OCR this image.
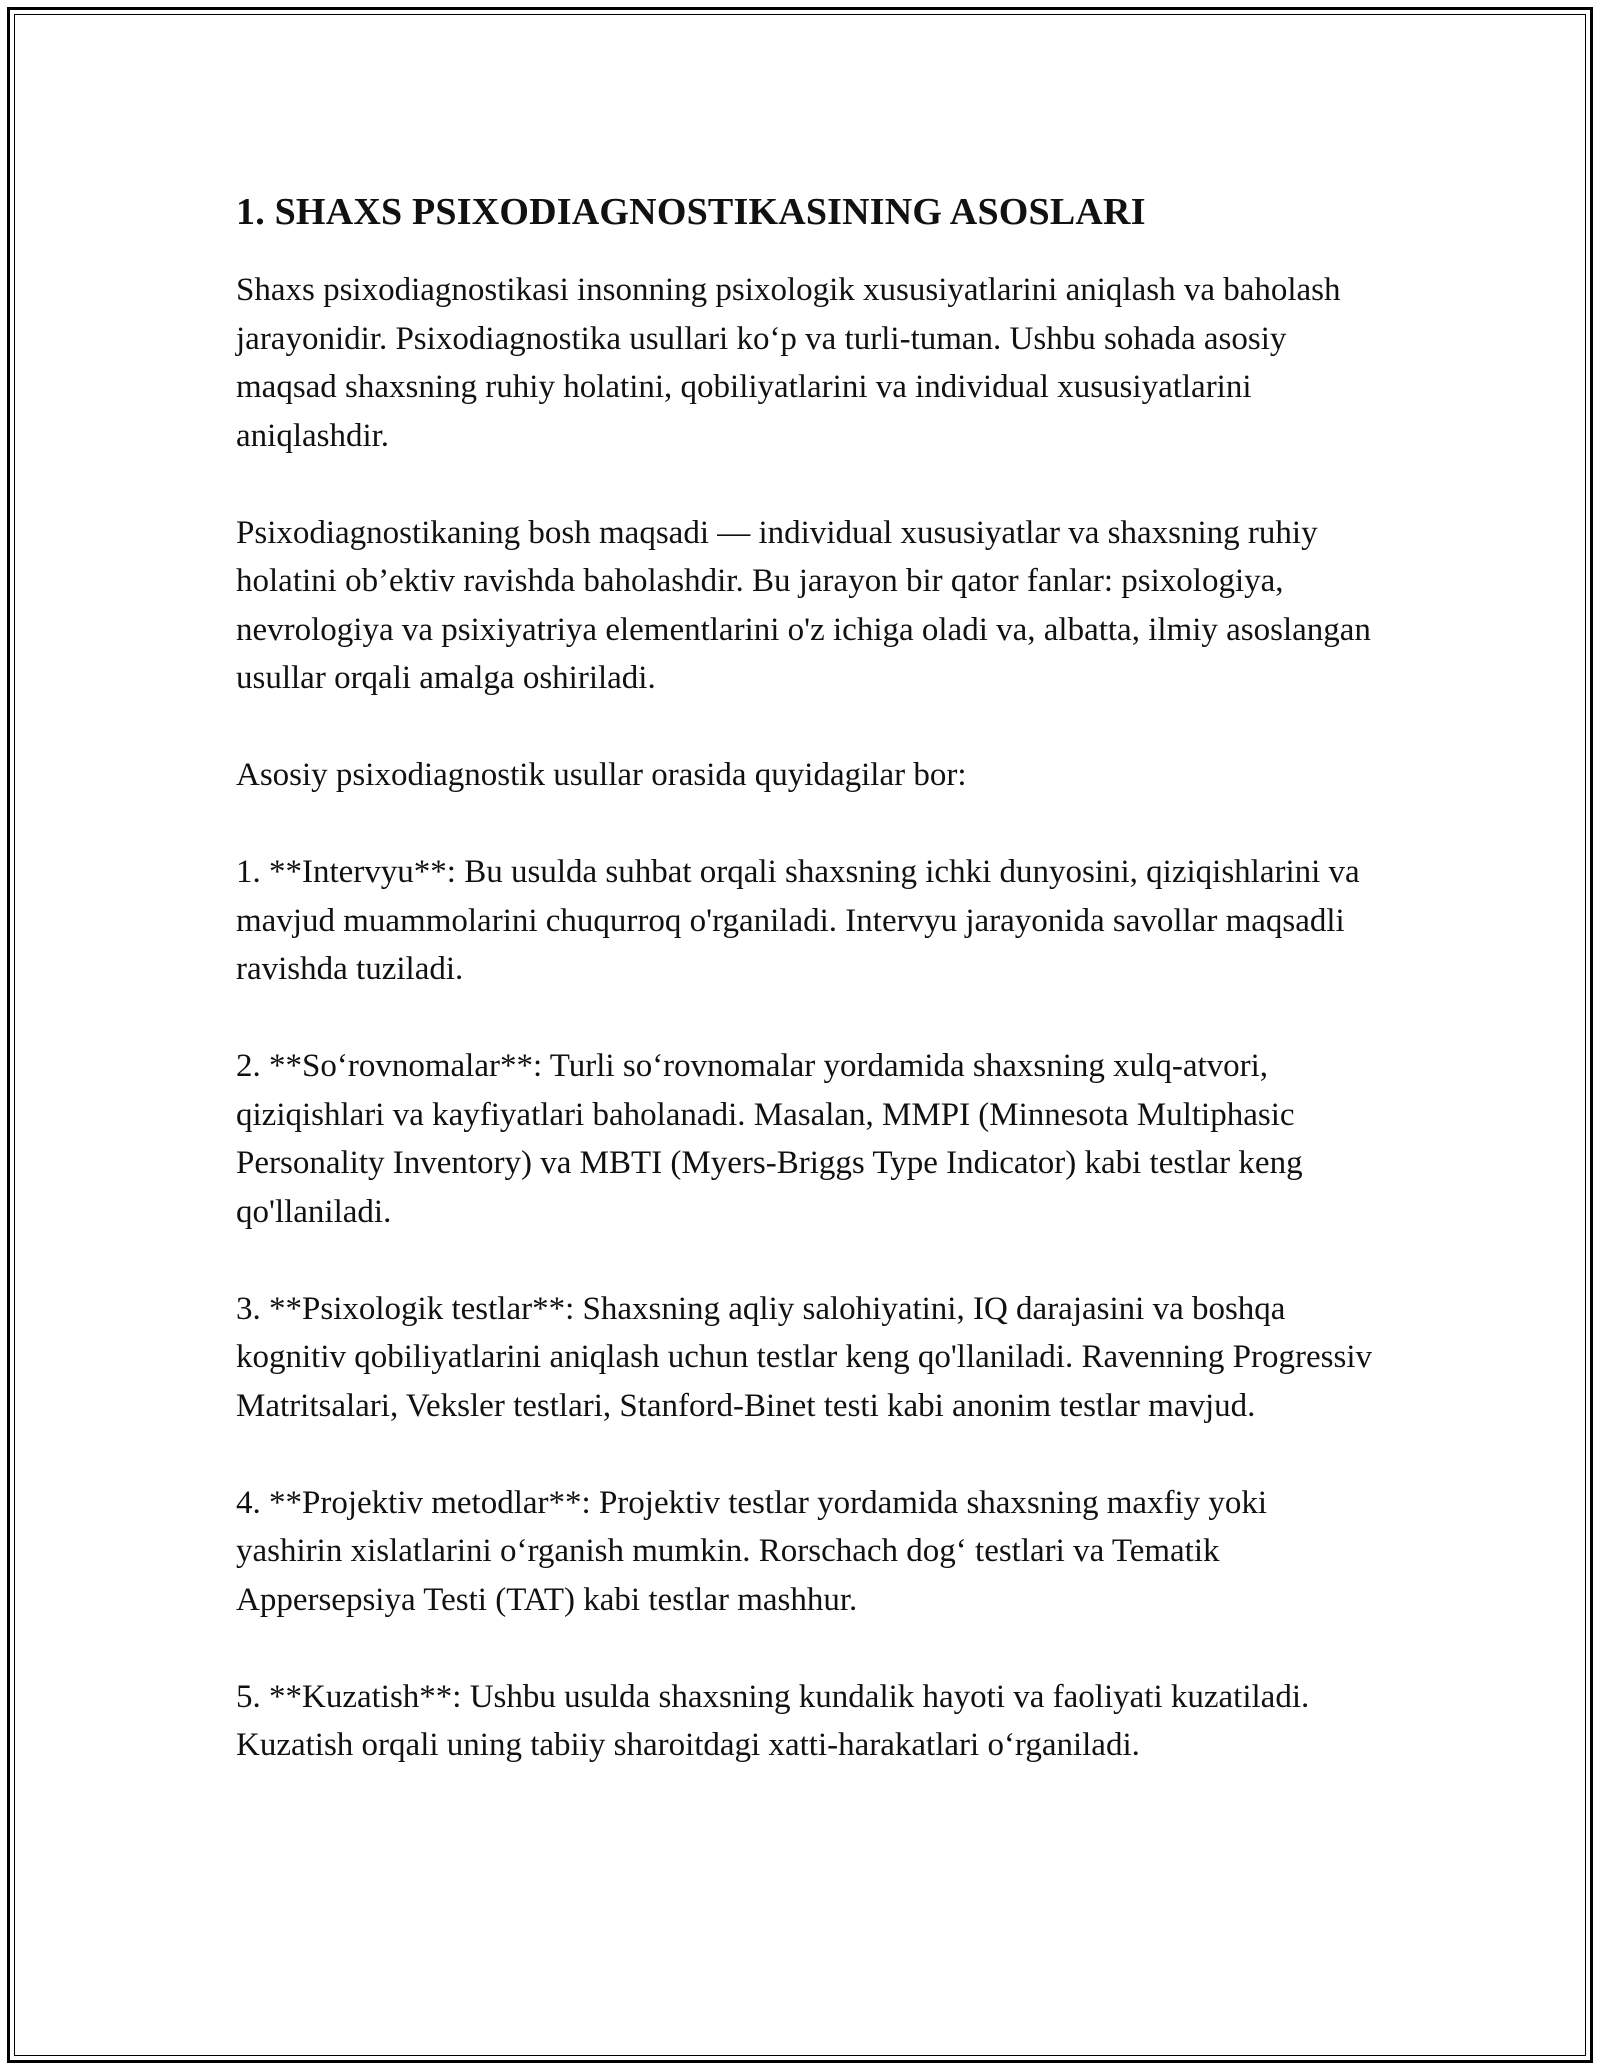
1. SHAXS PSIXODIAGNOSTIKASINING ASOSLARI

Shaxs psixodiagnostikasi insonning psixologik xususiyatlarini aniqlash va baholash jarayonidir. Psixodiagnostika usullari ko‘p va turli-tuman. Ushbu sohada asosiy maqsad shaxsning ruhiy holatini, qobiliyatlarini va individual xususiyatlarini aniqlashdir.

Psixodiagnostikaning bosh maqsadi — individual xususiyatlar va shaxsning ruhiy holatini ob’ektiv ravishda baholashdir. Bu jarayon bir qator fanlar: psixologiya, nevrologiya va psixiyatriya elementlarini o'z ichiga oladi va, albatta, ilmiy asoslangan usullar orqali amalga oshiriladi.

Asosiy psixodiagnostik usullar orasida quyidagilar bor:

1. **Intervyu**: Bu usulda suhbat orqali shaxsning ichki dunyosini, qiziqishlarini va mavjud muammolarini chuqurroq o'rganiladi. Intervyu jarayonida savollar maqsadli ravishda tuziladi.

2. **So‘rovnomalar**: Turli so‘rovnomalar yordamida shaxsning xulq-atvori, qiziqishlari va kayfiyatlari baholanadi. Masalan, MMPI (Minnesota Multiphasic Personality Inventory) va MBTI (Myers-Briggs Type Indicator) kabi testlar keng qo'llaniladi.

3. **Psixologik testlar**: Shaxsning aqliy salohiyatini, IQ darajasini va boshqa kognitiv qobiliyatlarini aniqlash uchun testlar keng qo'llaniladi. Ravenning Progressiv Matritsalari, Veksler testlari, Stanford-Binet testi kabi anonim testlar mavjud.

4. **Projektiv metodlar**: Projektiv testlar yordamida shaxsning maxfiy yoki yashirin xislatlarini o‘rganish mumkin. Rorschach dog‘ testlari va Tematik Appersepsiya Testi (TAT) kabi testlar mashhur.

5. **Kuzatish**: Ushbu usulda shaxsning kundalik hayoti va faoliyati kuzatiladi. Kuzatish orqali uning tabiiy sharoitdagi xatti-harakatlari o‘rganiladi.
